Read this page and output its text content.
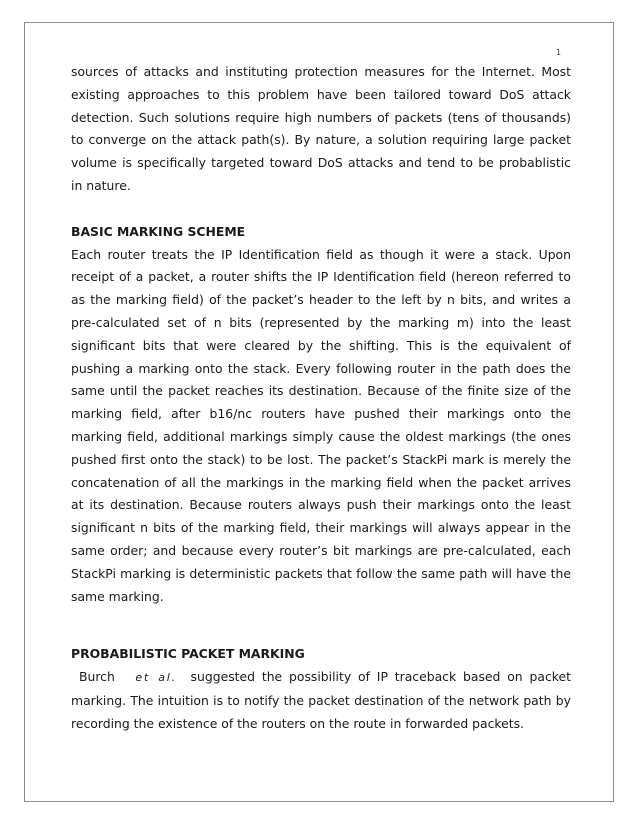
1

sources of attacks and instituting protection measures for the Internet. Most existing approaches to this problem have been tailored toward DoS attack detection. Such solutions require high numbers of packets (tens of thousands) to converge on the attack path(s). By nature, a solution requiring large packet volume is specifically targeted toward DoS attacks and tend to be probablistic in nature.

BASIC MARKING SCHEME

Each router treats the IP Identification field as though it were a stack. Upon receipt of a packet, a router shifts the IP Identification field (hereon referred to as the marking field) of the packet’s header to the left by n bits, and writes a pre-calculated set of n bits (represented by the marking m) into the least significant bits that were cleared by the shifting. This is the equivalent of pushing a marking onto the stack. Every following router in the path does the same until the packet reaches its destination. Because of the finite size of the marking field, after b16/nc routers have pushed their markings onto the marking field, additional markings simply cause the oldest markings (the ones pushed first onto the stack) to be lost. The packet’s StackPi mark is merely the concatenation of all the markings in the marking field when the packet arrives at its destination. Because routers always push their markings onto the least significant n bits of the marking field, their markings will always appear in the same order; and because every router’s bit markings are pre-calculated, each StackPi marking is deterministic packets that follow the same path will have the same marking.

PROBABILISTIC PACKET MARKING

Burch et al. suggested the possibility of IP traceback based on packet marking. The intuition is to notify the packet destination of the network path by recording the existence of the routers on the route in forwarded packets.
